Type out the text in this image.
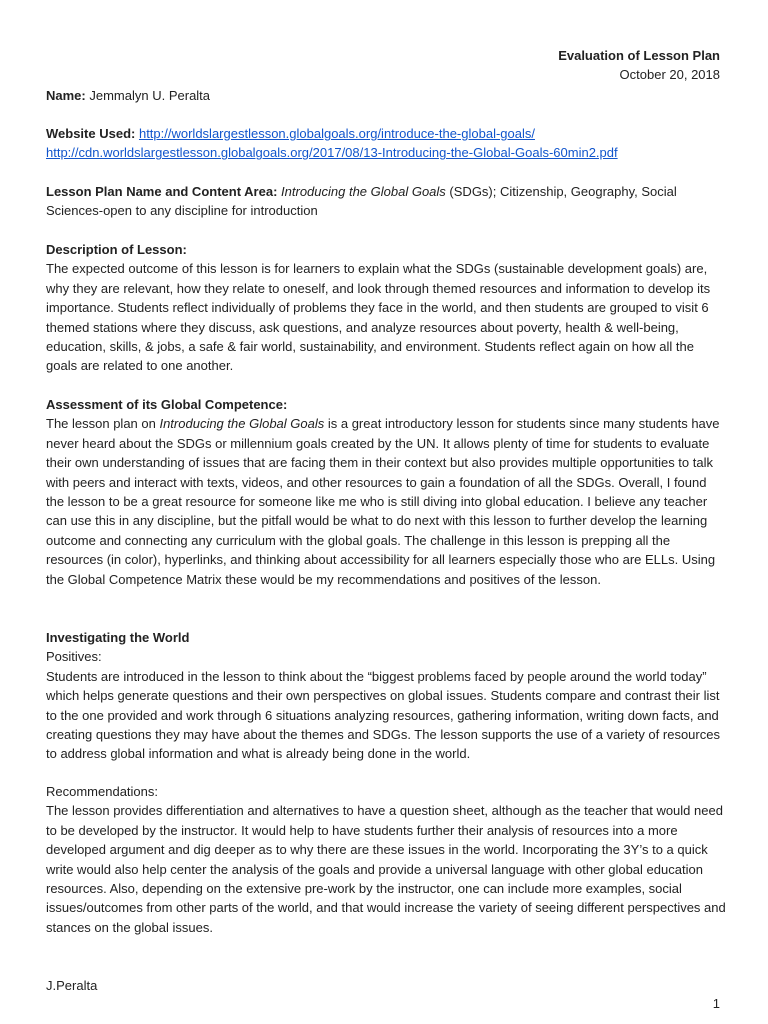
Evaluation of Lesson Plan
October 20, 2018
Name: Jemmalyn U. Peralta
Website Used: http://worldslargestlesson.globalgoals.org/introduce-the-global-goals/
http://cdn.worldslargestlesson.globalgoals.org/2017/08/13-Introducing-the-Global-Goals-60min2.pdf
Lesson Plan Name and Content Area: Introducing the Global Goals (SDGs); Citizenship, Geography, Social Sciences-open to any discipline for introduction
Description of Lesson:
The expected outcome of this lesson is for learners to explain what the SDGs (sustainable development goals) are, why they are relevant, how they relate to oneself, and look through themed resources and information to develop its importance. Students reflect individually of problems they face in the world, and then students are grouped to visit 6 themed stations where they discuss, ask questions, and analyze resources about poverty, health & well-being, education, skills, & jobs, a safe & fair world, sustainability, and environment. Students reflect again on how all the goals are related to one another.
Assessment of its Global Competence:
The lesson plan on Introducing the Global Goals is a great introductory lesson for students since many students have never heard about the SDGs or millennium goals created by the UN. It allows plenty of time for students to evaluate their own understanding of issues that are facing them in their context but also provides multiple opportunities to talk with peers and interact with texts, videos, and other resources to gain a foundation of all the SDGs. Overall, I found the lesson to be a great resource for someone like me who is still diving into global education. I believe any teacher can use this in any discipline, but the pitfall would be what to do next with this lesson to further develop the learning outcome and connecting any curriculum with the global goals. The challenge in this lesson is prepping all the resources (in color), hyperlinks, and thinking about accessibility for all learners especially those who are ELLs. Using the Global Competence Matrix these would be my recommendations and positives of the lesson.
Investigating the World
Positives:
Students are introduced in the lesson to think about the “biggest problems faced by people around the world today” which helps generate questions and their own perspectives on global issues. Students compare and contrast their list to the one provided and work through 6 situations analyzing resources, gathering information, writing down facts, and creating questions they may have about the themes and SDGs. The lesson supports the use of a variety of resources to address global information and what is already being done in the world.
Recommendations:
The lesson provides differentiation and alternatives to have a question sheet, although as the teacher that would need to be developed by the instructor. It would help to have students further their analysis of resources into a more developed argument and dig deeper as to why there are these issues in the world. Incorporating the 3Y’s to a quick write would also help center the analysis of the goals and provide a universal language with other global education resources. Also, depending on the extensive pre-work by the instructor, one can include more examples, social issues/outcomes from other parts of the world, and that would increase the variety of seeing different perspectives and stances on the global issues.
J.Peralta
1
